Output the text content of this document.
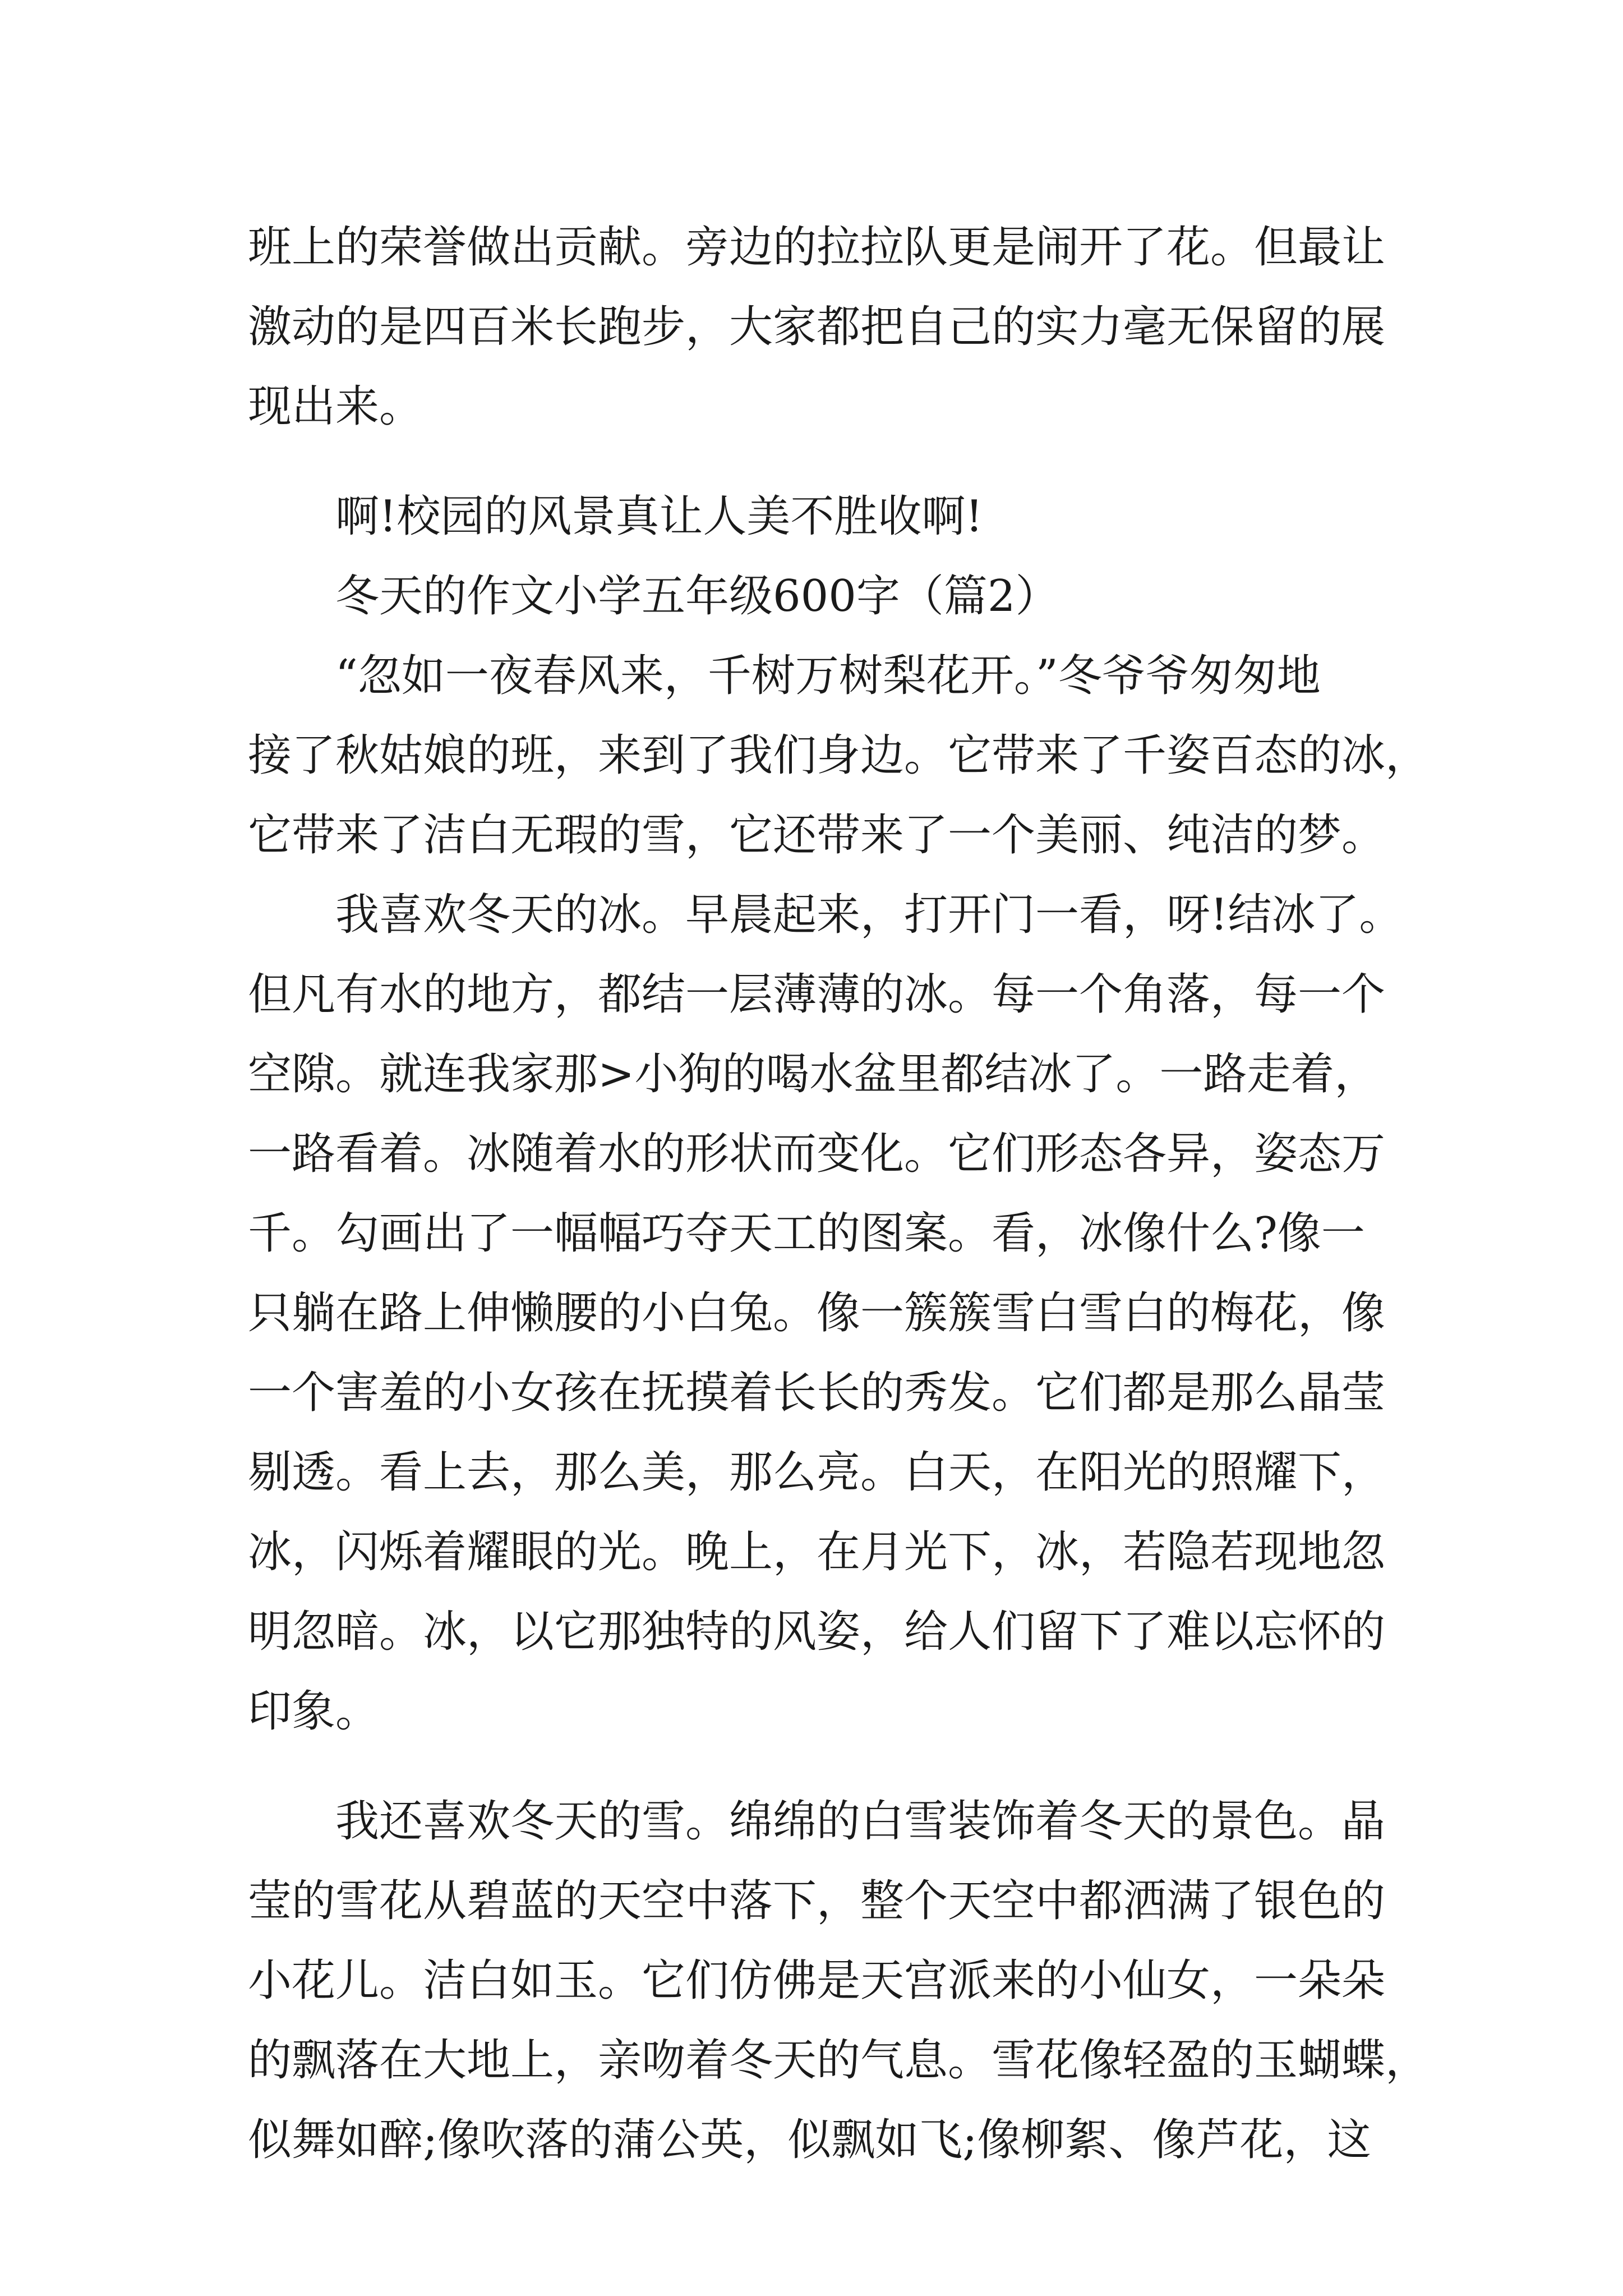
班上的荣誉做出贡献。旁边的拉拉队更是闹开了花。但最让
激动的是四百米长跑步，大家都把自己的实力毫无保留的展
现出来。
　　啊!校园的风景真让人美不胜收啊!
　　冬天的作文小学五年级600字（篇2）
　　“忽如一夜春风来，千树万树梨花开。”冬爷爷匆匆地
接了秋姑娘的班，来到了我们身边。它带来了千姿百态的冰，
它带来了洁白无瑕的雪，它还带来了一个美丽、纯洁的梦。
　　我喜欢冬天的冰。早晨起来，打开门一看，呀!结冰了。
但凡有水的地方，都结一层薄薄的冰。每一个角落，每一个
空隙。就连我家那>小狗的喝水盆里都结冰了。一路走着，
一路看着。冰随着水的形状而变化。它们形态各异，姿态万
千。勾画出了一幅幅巧夺天工的图案。看，冰像什么?像一
只躺在路上伸懒腰的小白兔。像一簇簇雪白雪白的梅花，像
一个害羞的小女孩在抚摸着长长的秀发。它们都是那么晶莹
剔透。看上去，那么美，那么亮。白天，在阳光的照耀下，
冰，闪烁着耀眼的光。晚上，在月光下，冰，若隐若现地忽
明忽暗。冰，以它那独特的风姿，给人们留下了难以忘怀的
印象。
　　我还喜欢冬天的雪。绵绵的白雪装饰着冬天的景色。晶
莹的雪花从碧蓝的天空中落下，整个天空中都洒满了银色的
小花儿。洁白如玉。它们仿佛是天宫派来的小仙女，一朵朵
的飘落在大地上，亲吻着冬天的气息。雪花像轻盈的玉蝴蝶，
似舞如醉;像吹落的蒲公英，似飘如飞;像柳絮、像芦花，这
